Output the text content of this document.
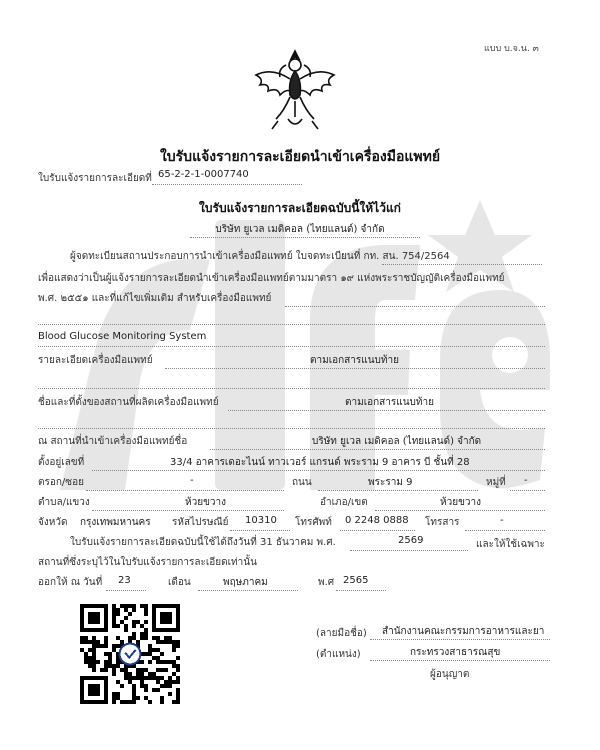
แบบ บ.จ.น. ๓
ใบรับแจ้งรายการละเอียดนำเข้าเครื่องมือแพทย์
ใบรับแจ้งรายการละเอียดที่ 65-2-2-1-0007740
ใบรับแจ้งรายการละเอียดฉบับนี้ให้ไว้แก่
บริษัท ยูเวล เมดิคอล (ไทยแลนด์) จำกัด
ผู้จดทะเบียนสถานประกอบการนำเข้าเครื่องมือแพทย์ ใบจดทะเบียนที่ กท. สน. 754/2564
เพื่อแสดงว่าเป็นผู้แจ้งรายการละเอียดนำเข้าเครื่องมือแพทย์ตามมาตรา ๑๙ แห่งพระราชบัญญัติเครื่องมือแพทย์
พ.ศ. ๒๕๕๑ และที่แก้ไขเพิ่มเติม สำหรับเครื่องมือแพทย์
Blood Glucose Monitoring System
รายละเอียดเครื่องมือแพทย์	ตามเอกสารแนบท้าย
ชื่อและที่ตั้งของสถานที่ผลิตเครื่องมือแพทย์	ตามเอกสารแนบท้าย
ณ สถานที่นำเข้าเครื่องมือแพทย์ชื่อ	บริษัท ยูเวล เมดิคอล (ไทยแลนด์) จำกัด
ตั้งอยู่เลขที่	33/4 อาคารเดอะไนน์ ทาวเวอร์ แกรนด์ พระราม 9 อาคาร บี ชั้นที่ 28
ตรอก/ซอย	-	ถนน	พระราม 9	หมู่ที่ -
ตำบล/แขวง	ห้วยขวาง	อำเภอ/เขต	ห้วยขวาง
จังหวัด กรุงเทพมหานคร รหัสไปรษณีย์ 10310 โทรศัพท์ 0 2248 0888 โทรสาร	-
ใบรับแจ้งรายการละเอียดฉบับนี้ใช้ได้ถึงวันที่ 31 ธันวาคม พ.ศ.	2569	และให้ใช้เฉพาะ
สถานที่ซึ่งระบุไว้ในใบรับแจ้งรายการละเอียดเท่านั้น
ออกให้ ณ วันที่ 23	เดือน	พฤษภาคม	พ.ศ 2565
(ลายมือชื่อ) สำนักงานคณะกรรมการอาหารและยา
(ตำแหน่ง)	กระทรวงสาธารณสุข
ผู้อนุญาต
